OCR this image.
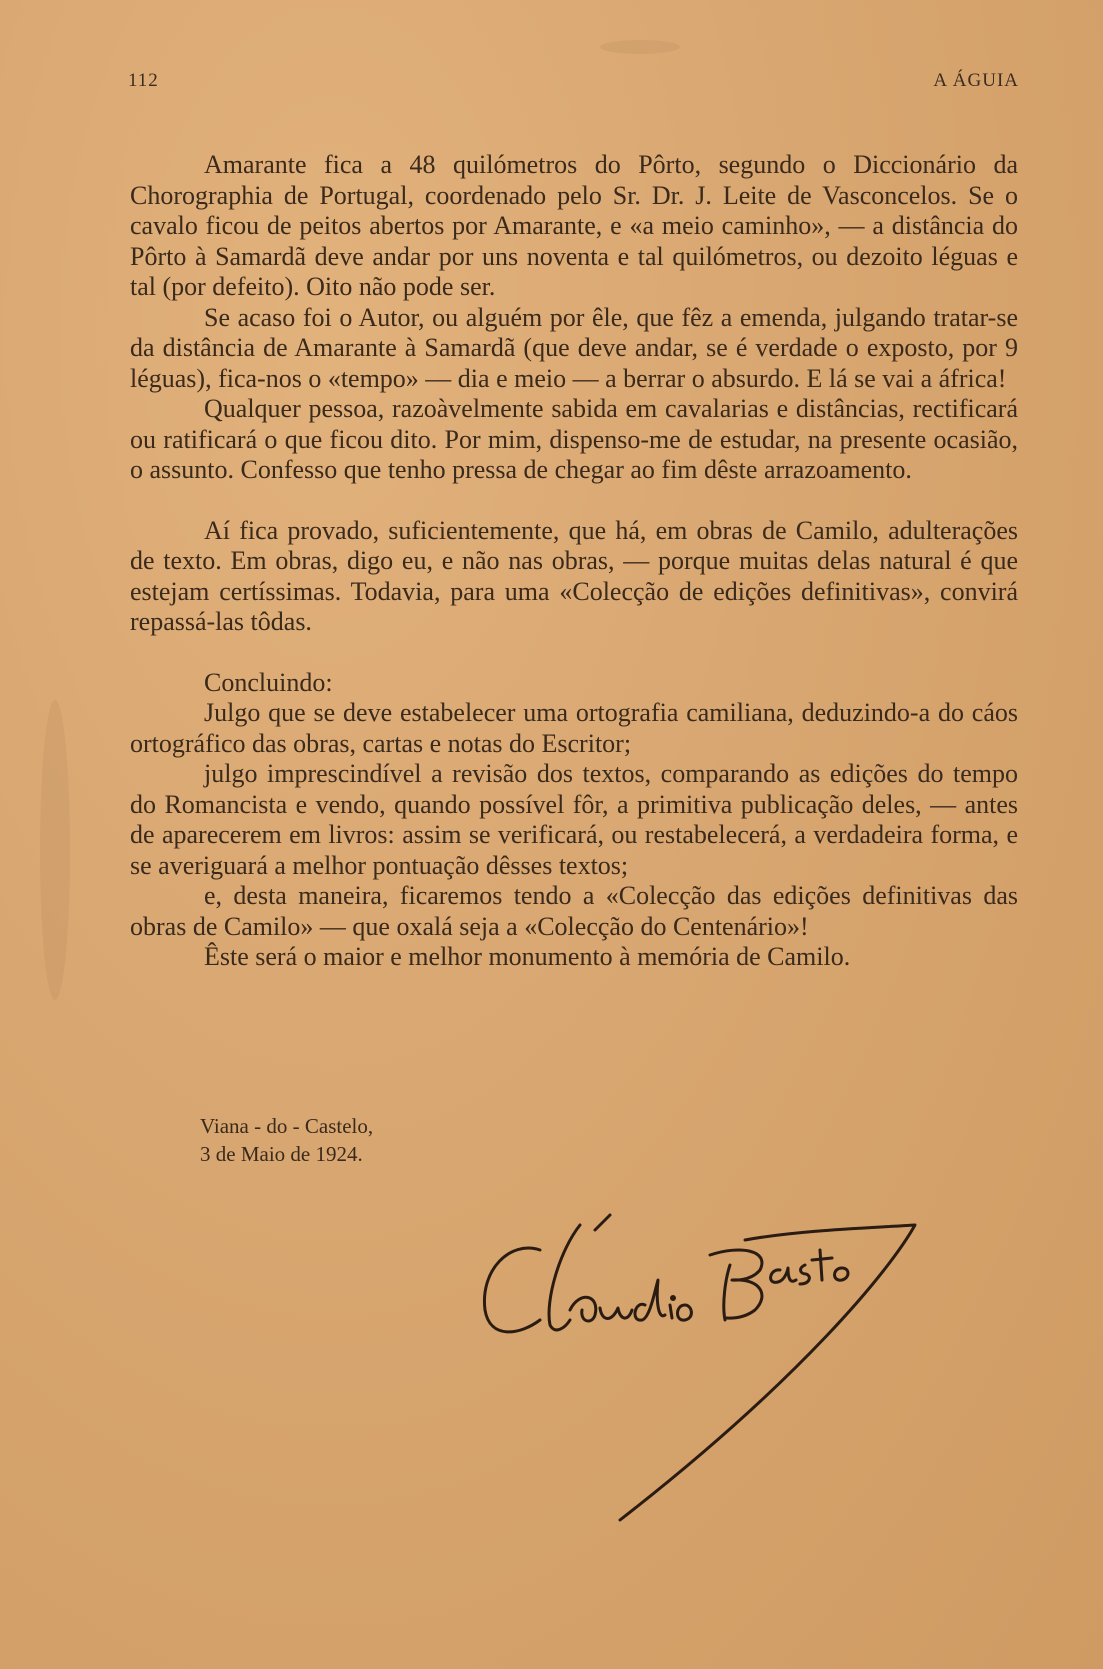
112	A ÁGUIA

Amarante fica a 48 quilómetros do Pôrto, segundo o Diccionário da Chorographia de Portugal, coordenado pelo Sr. Dr. J. Leite de Vasconcelos. Se o cavalo ficou de peitos abertos por Amarante, e «a meio caminho», — a distância do Pôrto à Samardã deve andar por uns noventa e tal quilómetros, ou dezoito léguas e tal (por defeito). Oito não pode ser.

Se acaso foi o Autor, ou alguém por êle, que fêz a emenda, julgando tratar-se da distância de Amarante à Samardã (que deve andar, se é verdade o exposto, por 9 léguas), fica-nos o «tempo» — dia e meio — a berrar o absurdo. E lá se vai a áfrica!

Qualquer pessoa, razoàvelmente sabida em cavalarias e distâncias, rectificará ou ratificará o que ficou dito. Por mim, dispenso-me de estudar, na presente ocasião, o assunto. Confesso que tenho pressa de chegar ao fim dêste arrazoamento.

Aí fica provado, suficientemente, que há, em obras de Camilo, adulterações de texto. Em obras, digo eu, e não nas obras, — porque muitas delas natural é que estejam certíssimas. Todavia, para uma «Colecção de edições definitivas», convirá repassá-las tôdas.

Concluindo:

Julgo que se deve estabelecer uma ortografia camiliana, deduzindo-a do cáos ortográfico das obras, cartas e notas do Escritor;

julgo imprescindível a revisão dos textos, comparando as edições do tempo do Romancista e vendo, quando possível fôr, a primitiva publicação deles, — antes de aparecerem em livros: assim se verificará, ou restabelecerá, a verdadeira forma, e se averiguará a melhor pontuação dêsses textos;

e, desta maneira, ficaremos tendo a «Colecção das edições definitivas das obras de Camilo» — que oxalá seja a «Colecção do Centenário»!

Êste será o maior e melhor monumento à memória de Camilo.

Viana - do - Castelo,
3 de Maio de 1924.
